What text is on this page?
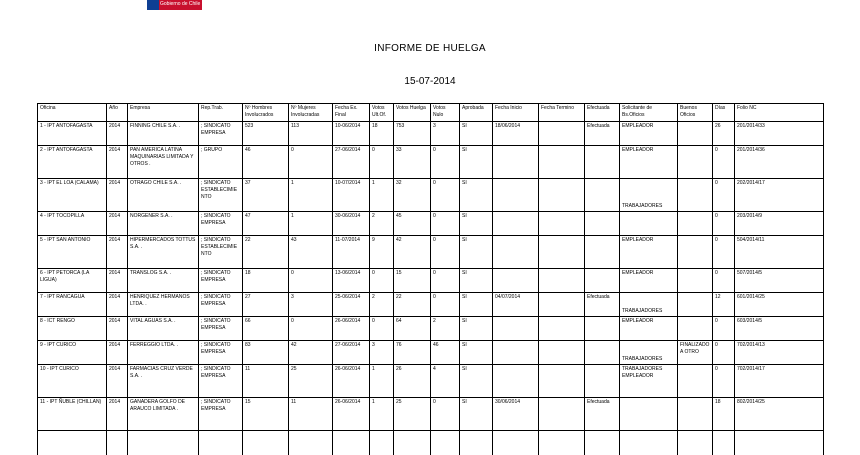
Gobierno de Chile
INFORME DE HUELGA
15-07-2014
Oficina	Año	Empresa	Rep.Trab.	Nº Hombres Involucrados	Nº Mujeres Involucradas	Fecha Ex. Final	Votos Ult.Of.	Votos Huelga	Votos Nulo	Aprobada	Fecha Inicio	Fecha Termino	Efectuada	Solicitante de Bs.Oficios	Buenos Oficios	Días	Folio NC
1 - IPT ANTOFAGASTA	2014	FINNING CHILE S.A. .	; SINDICATO EMPRESA	523	113	10-06/2014	18	753	3	SI	18/06/2014		Efectuada	EMPLEADOR		26	201/2014/33
2 - IPT ANTOFAGASTA	2014	PAN AMERICA LATINA MAQUINARIAS LIMITADA Y OTROS .	; GRUPO	46	0	27-06/2014	0	33	0	SI				EMPLEADOR		0	201/2014/36
3 - IPT EL LOA (CALAMA)	2014	OTRAGO CHILE S.A. .	; SINDICATO ESTABLECIMIENTO	37	1	10-07/2014	1	32	0	SI				TRABAJADORES		0	202/2014/17
4 - IPT TOCOPILLA	2014	NORGENER S.A. .	; SINDICATO EMPRESA	47	1	30-06/2014	2	45	0	SI						0	203/2014/9
5 - IPT SAN ANTONIO	2014	HIPERMERCADOS TOTTUS S.A. .	; SINDICATO ESTABLECIMIENTO	22	43	11-07/2014	9	42	0	SI				EMPLEADOR		0	504/2014/11
6 - IPT PETORCA (LA LIGUA)	2014	TRANSLOG S.A. .	; SINDICATO EMPRESA	18	0	13-06/2014	0	15	0	SI				EMPLEADOR		0	507/2014/5
7 - IPT RANCAGUA	2014	HENRIQUEZ HERMANOS LTDA. .	; SINDICATO EMPRESA	27	3	25-06/2014	2	22	0	SI	04/07/2014		Efectuada	TRABAJADORES		12	601/2014/25
8 - ICT RENGO	2014	VITAL AGUAS S.A. .	; SINDICATO EMPRESA	66	0	26-06/2014	0	64	2	SI				EMPLEADOR		0	603/2014/5
9 - IPT CURICO	2014	FERREGGIO LTDA. .	; SINDICATO EMPRESA	83	42	27-06/2014	3	76	46	SI				TRABAJADORES	FINALIZADO A OTRO	0	702/2014/13
10 - IPT CURICO	2014	FARMACIAS CRUZ VERDE S.A. .	; SINDICATO EMPRESA	11	25	26-06/2014	1	26	4	SI				TRABAJADORES EMPLEADOR		0	702/2014/17
11 - IPT ÑUBLE (CHILLAN)	2014	GANADERA GOLFO DE ARAUCO LIMITADA .	; SINDICATO EMPRESA	15	11	26-06/2014	1	25	0	SI	30/06/2014		Efectuada			18	802/2014/25
